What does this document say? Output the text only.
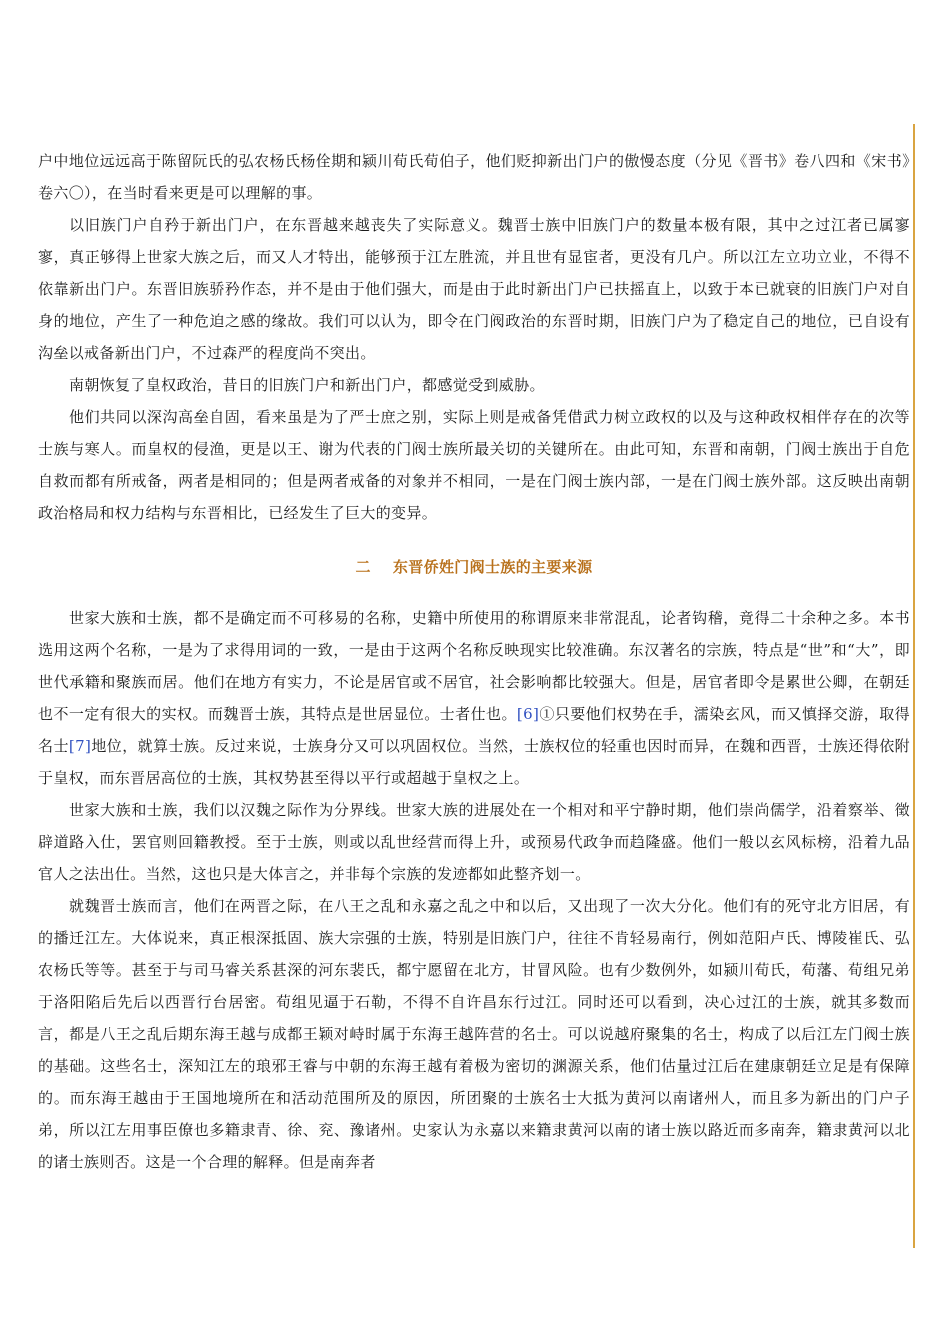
户中地位远远高于陈留阮氏的弘农杨氏杨佺期和颍川荀氏荀伯子，他们贬抑新出门户的傲慢态度（分见《晋书》卷八四和《宋书》卷六〇），在当时看来更是可以理解的事。

以旧族门户自矜于新出门户，在东晋越来越丧失了实际意义。魏晋士族中旧族门户的数量本极有限，其中之过江者已属寥寥，真正够得上世家大族之后，而又人才特出，能够预于江左胜流，并且世有显宦者，更没有几户。所以江左立功立业，不得不依靠新出门户。东晋旧族骄矜作态，并不是由于他们强大，而是由于此时新出门户已扶摇直上，以致于本已就衰的旧族门户对自身的地位，产生了一种危迫之感的缘故。我们可以认为，即令在门阀政治的东晋时期，旧族门户为了稳定自己的地位，已自设有沟垒以戒备新出门户，不过森严的程度尚不突出。

南朝恢复了皇权政治，昔日的旧族门户和新出门户，都感觉受到威胁。

他们共同以深沟高垒自固，看来虽是为了严士庶之别，实际上则是戒备凭借武力树立政权的以及与这种政权相伴存在的次等士族与寒人。而皇权的侵渔，更是以王、谢为代表的门阀士族所最关切的关键所在。由此可知，东晋和南朝，门阀士族出于自危自救而都有所戒备，两者是相同的；但是两者戒备的对象并不相同，一是在门阀士族内部，一是在门阀士族外部。这反映出南朝政治格局和权力结构与东晋相比，已经发生了巨大的变异。

二 东晋侨姓门阀士族的主要来源

世家大族和士族，都不是确定而不可移易的名称，史籍中所使用的称谓原来非常混乱，论者钩稽，竟得二十余种之多。本书选用这两个名称，一是为了求得用词的一致，一是由于这两个名称反映现实比较准确。东汉著名的宗族，特点是“世”和“大”，即世代承籍和聚族而居。他们在地方有实力，不论是居官或不居官，社会影响都比较强大。但是，居官者即令是累世公卿，在朝廷也不一定有很大的实权。而魏晋士族，其特点是世居显位。士者仕也。[6]①只要他们权势在手，濡染玄风，而又慎择交游，取得名士[7]地位，就算士族。反过来说，士族身分又可以巩固权位。当然，士族权位的轻重也因时而异，在魏和西晋，士族还得依附于皇权，而东晋居高位的士族，其权势甚至得以平行或超越于皇权之上。

世家大族和士族，我们以汉魏之际作为分界线。世家大族的进展处在一个相对和平宁静时期，他们崇尚儒学，沿着察举、徵辟道路入仕，罢官则回籍教授。至于士族，则或以乱世经营而得上升，或预易代政争而趋隆盛。他们一般以玄风标榜，沿着九品官人之法出仕。当然，这也只是大体言之，并非每个宗族的发迹都如此整齐划一。

就魏晋士族而言，他们在两晋之际，在八王之乱和永嘉之乱之中和以后，又出现了一次大分化。他们有的死守北方旧居，有的播迁江左。大体说来，真正根深抵固、族大宗强的士族，特别是旧族门户，往往不肯轻易南行，例如范阳卢氏、博陵崔氏、弘农杨氏等等。甚至于与司马睿关系甚深的河东裴氏，都宁愿留在北方，甘冒风险。也有少数例外，如颍川荀氏，荀藩、荀组兄弟于洛阳陷后先后以西晋行台居密。荀组见逼于石勒，不得不自许昌东行过江。同时还可以看到，决心过江的士族，就其多数而言，都是八王之乱后期东海王越与成都王颖对峙时属于东海王越阵营的名士。可以说越府聚集的名士，构成了以后江左门阀士族的基础。这些名士，深知江左的琅邪王睿与中朝的东海王越有着极为密切的渊源关系，他们估量过江后在建康朝廷立足是有保障的。而东海王越由于王国地境所在和活动范围所及的原因，所团聚的士族名士大抵为黄河以南诸州人，而且多为新出的门户子弟，所以江左用事臣僚也多籍隶青、徐、兖、豫诸州。史家认为永嘉以来籍隶黄河以南的诸士族以路近而多南奔，籍隶黄河以北的诸士族则否。这是一个合理的解释。但是南奔者
